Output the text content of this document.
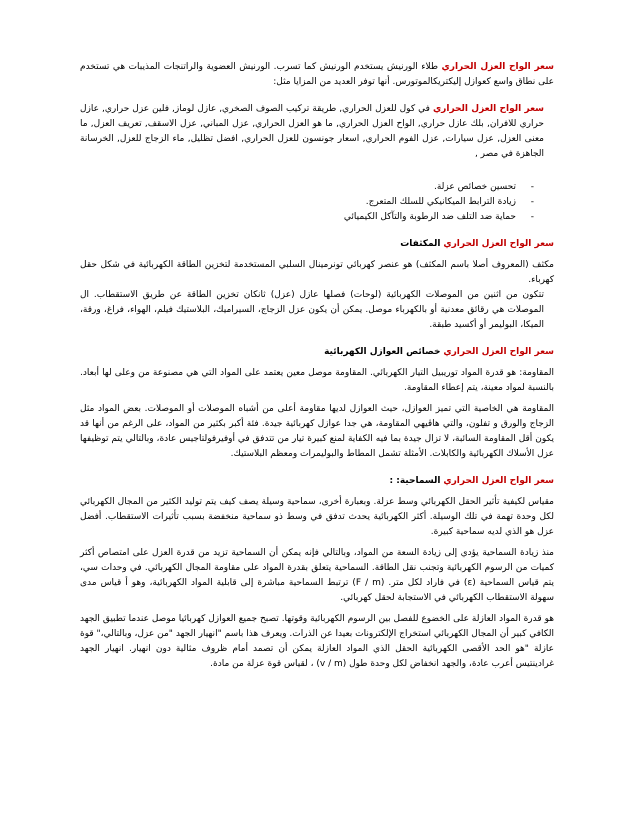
سعر الواح العزل الحراري طلاء الورنيش يستخدم الورنيش كما تسرب. الورنيش العضوية والراتنجات المذيبات هي تستخدم على نطاق واسع كعوازل إليكتريكالموتورس. أنها توفر العديد من المزايا مثل:

سعر الواح العزل الحراري في كول للعزل الحراري, طريقة تركيب الصوف الصخري, عازل لوماز, فلين عزل حراري, عازل حراري للافران, بلك عازل حراري, الواح العزل الحراري, ما هو العزل الحراري, عزل المباني, عزل الاسقف, تعريف العزل, ما معنى العزل, عزل سيارات, عزل الفوم الحراري, اسعار جونسون للعزل الحراري, افضل تظليل, ماء الزجاج للعزل, الخرسانة الجاهزة في مصر ,

- تحسين خصائص عزلة.
- زيادة الترابط الميكانيكي للسلك المتعرج.
- حماية ضد التلف ضد الرطوبة والتآكل الكيميائي

سعر الواح العزل الحراري المكثفات

مكثف (المعروف أصلا باسم المكثف) هو عنصر كهربائي تونرمينال السلبي المستخدمة لتخزين الطاقة الكهربائية في شكل حقل كهرباء.

تتكون من اثنين من الموصلات الكهربائية (لوحات) فصلها عازل (عزل) ثانكان تخزين الطاقة عن طريق الاستقطاب. ال الموصلات هي رقائق معدنية أو بالكهرباء موصل. يمكن أن يكون عزل الزجاج، السيراميك، البلاستيك فيلم، الهواء، فراغ، ورقة، الميكا، البوليمر أو أكسيد طبقة.

سعر الواح العزل الحراري خصائص العوازل الكهربائية

المقاومة: هو قدرة المواد توريبيل التيار الكهربائي. المقاومة موصل معين يعتمد على المواد التي هي مصنوعة من وعلى لها أبعاد. بالنسبة لمواد معينة، يتم إعطاء المقاومة.

المقاومة هي الخاصية التي تميز العوازل، حيث العوازل لديها مقاومة أعلى من أشباه الموصلات أو الموصلات. بعض المواد مثل الزجاج والورق و تفلون، والتي هاڤيهي المقاومة، هي جدا عوازل كهربائية جيدة. فئة أكبر بكثير من المواد، على الرغم من أنها قد يكون أقل المقاومة السائبة، لا تزال جيدة بما فيه الكفاية لمنع كبيرة تيار من تتدفق في أوفيرفولتاجيس عادة، وبالتالي يتم توظيفها عزل الأسلاك الكهربائية والكابلات. الأمثلة تشمل المطاط والبوليمرات ومعظم البلاستيك.

سعر الواح العزل الحراري السماحية: :

مقياس لكيفية تأثير الحقل الكهربائي وسط عزلة. وبعبارة أخرى، سماحية وسيلة يصف كيف يتم توليد الكثير من المجال الكهربائي لكل وحدة تهمة في تلك الوسيلة. أكثر الكهربائية يحدث تدفق في وسط ذو سماحية منخفضة بسبب تأثيرات الاستقطاب. أفضل عزل هو الذي لديه سماحية كبيرة.

منذ زيادة السماحية يؤدي إلى زيادة السعة من المواد، وبالتالي فإنه يمكن أن السماحية تزيد من قدرة العزل على امتصاص أكثر كميات من الرسوم الكهربائية وتجنب نقل الطاقة. السماحية يتعلق بقدرة المواد على مقاومة المجال الكهربائي. في وحدات سي، يتم قياس السماحية (ε) في فاراد لكل متر. (F / m) ترتبط السماحية مباشرة إلى قابلية المواد الكهربائية، وهو أ قياس مدى سهولة الاستقطاب الكهربائي في الاستجابة لحقل كهربائي.

هو قدرة المواد العازلة على الخضوع للفصل بين الرسوم الكهربائية وقوتها. تصبح جميع العوازل كهربائيا موصل عندما تطبيق الجهد الكافي كبير أن المجال الكهربائي استخراج الإلكترونات بعيدا عن الذرات. ويعرف هذا باسم "انهيار الجهد "من عزل، وبالتالي،" قوة عازلة "هو الحد الأقصى الكهربائية الحقل الذي المواد العازلة يمكن أن تصمد أمام ظروف مثالية دون انهيار. انهيار الجهد غرادينتيس أعرب عادة، والجهد انخفاض لكل وحدة طول (v / m) ، لقياس قوة عزلة من مادة.
